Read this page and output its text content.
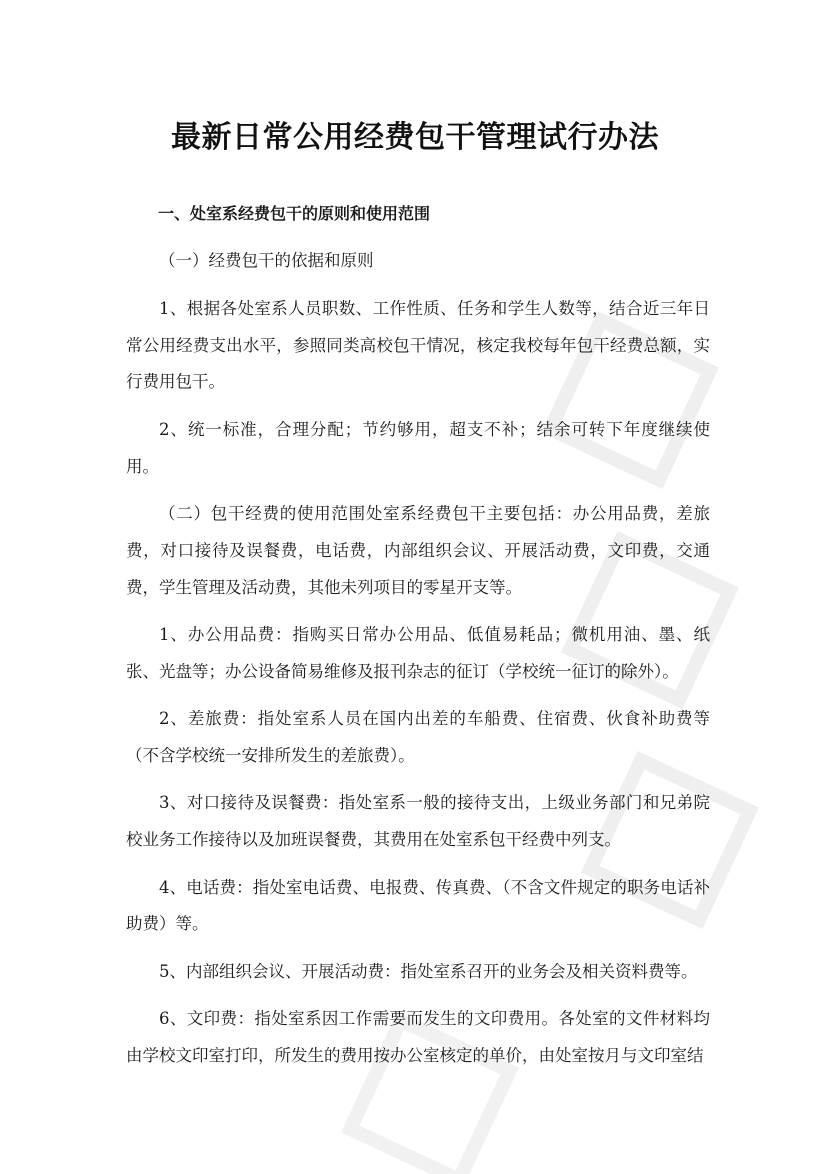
最新日常公用经费包干管理试行办法

一、处室系经费包干的原则和使用范围

（一）经费包干的依据和原则

1、根据各处室系人员职数、工作性质、任务和学生人数等，结合近三年日常公用经费支出水平，参照同类高校包干情况，核定我校每年包干经费总额，实行费用包干。

2、统一标准，合理分配；节约够用，超支不补；结余可转下年度继续使用。

（二）包干经费的使用范围处室系经费包干主要包括：办公用品费，差旅费，对口接待及误餐费，电话费，内部组织会议、开展活动费，文印费，交通费，学生管理及活动费，其他未列项目的零星开支等。

1、办公用品费：指购买日常办公用品、低值易耗品；微机用油、墨、纸张、光盘等；办公设备简易维修及报刊杂志的征订（学校统一征订的除外）。

2、差旅费：指处室系人员在国内出差的车船费、住宿费、伙食补助费等（不含学校统一安排所发生的差旅费）。

3、对口接待及误餐费：指处室系一般的接待支出，上级业务部门和兄弟院校业务工作接待以及加班误餐费，其费用在处室系包干经费中列支。

4、电话费：指处室电话费、电报费、传真费、（不含文件规定的职务电话补助费）等。

5、内部组织会议、开展活动费：指处室系召开的业务会及相关资料费等。

6、文印费：指处室系因工作需要而发生的文印费用。各处室的文件材料均由学校文印室打印，所发生的费用按办公室核定的单价，由处室按月与文印室结
